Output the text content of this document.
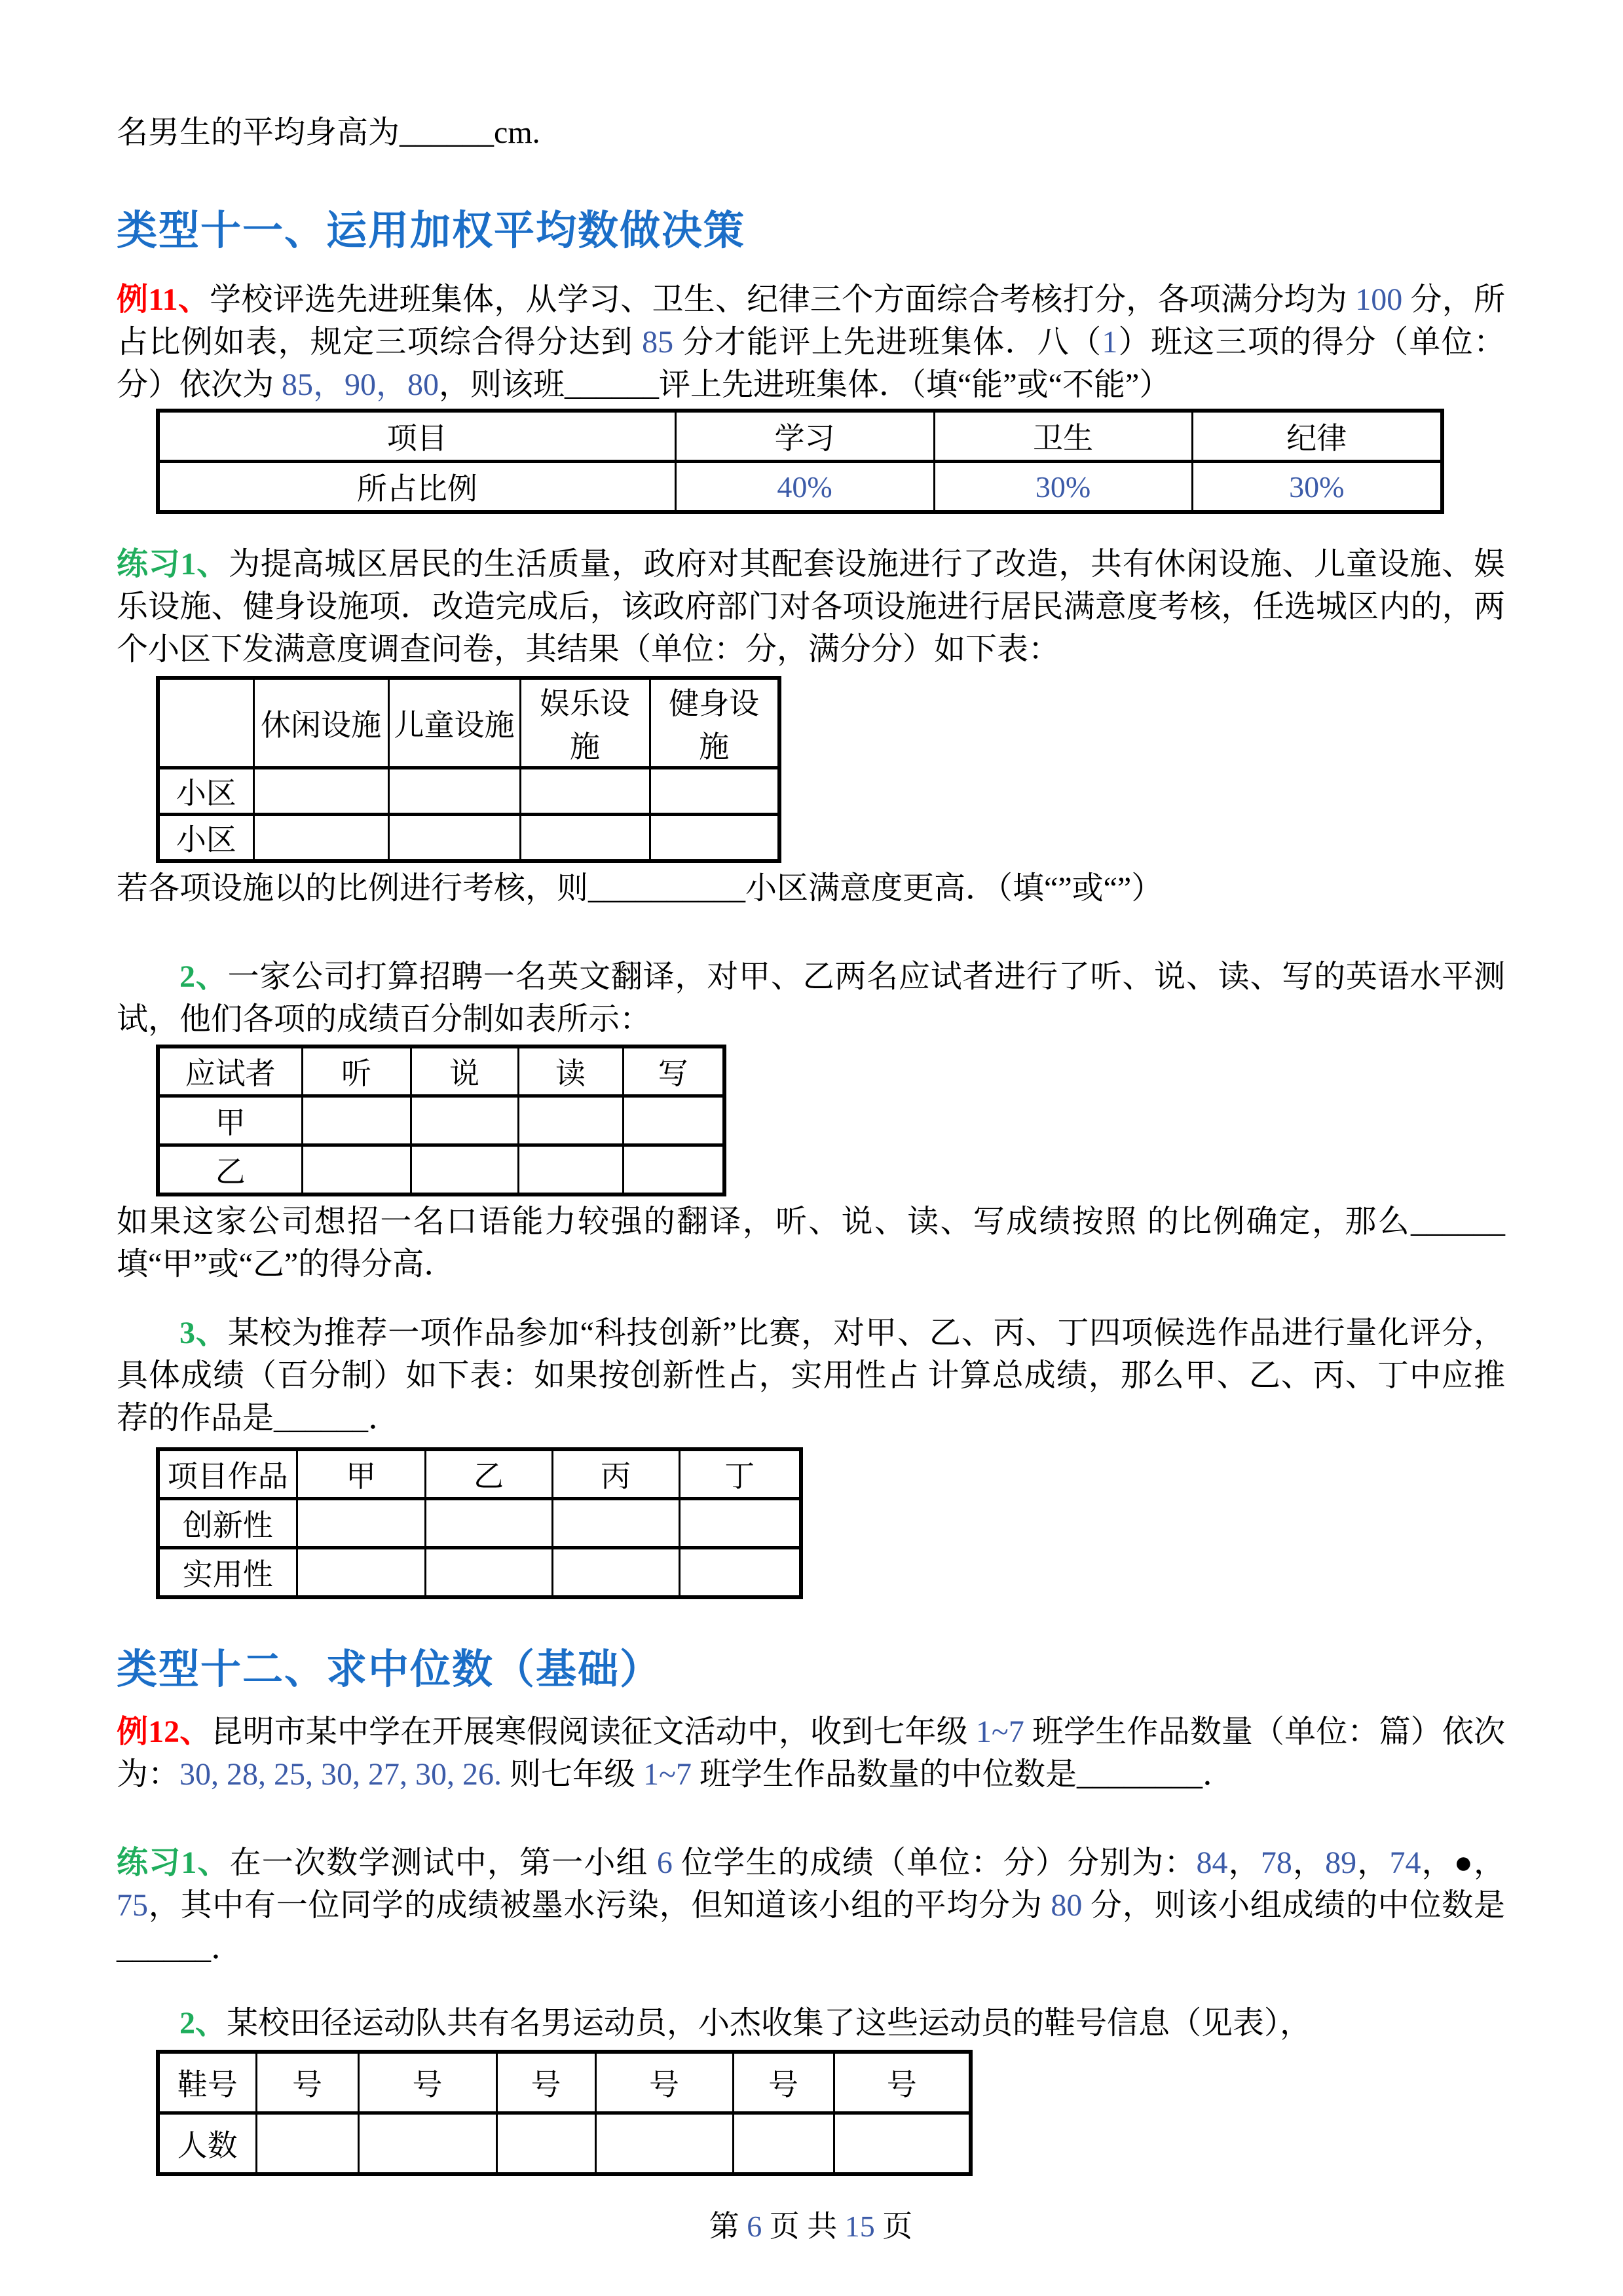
名男生的平均身高为______cm.

类型十一、运用加权平均数做决策

例11、学校评选先进班集体，从学习、卫生、纪律三个方面综合考核打分，各项满分均为 100 分，所占比例如表，规定三项综合得分达到 85 分才能评上先进班集体．八（1）班这三项的得分（单位：分）依次为 85，90，80，则该班______评上先进班集体．（填“能”或“不能”）

项目	学习	卫生	纪律
所占比例	40%	30%	30%

练习1、为提高城区居民的生活质量，政府对其配套设施进行了改造，共有休闲设施、儿童设施、娱乐设施、健身设施项．改造完成后，该政府部门对各项设施进行居民满意度考核，任选城区内的，两个小区下发满意度调查问卷，其结果（单位：分，满分分）如下表：

	休闲设施	儿童设施	娱乐设施	健身设施
小区				
小区				

若各项设施以的比例进行考核，则__________小区满意度更高．（填“”或“”）

2、一家公司打算招聘一名英文翻译，对甲、乙两名应试者进行了听、说、读、写的英语水平测试，他们各项的成绩百分制如表所示：

应试者	听	说	读	写
甲				
乙				

如果这家公司想招一名口语能力较强的翻译，听、说、读、写成绩按照 的比例确定，那么______ 填“甲”或“乙”的得分高．

3、某校为推荐一项作品参加“科技创新”比赛，对甲、乙、丙、丁四项候选作品进行量化评分，具体成绩（百分制）如下表：如果按创新性占，实用性占 计算总成绩，那么甲、乙、丙、丁中应推荐的作品是______．

项目作品	甲	乙	丙	丁
创新性				
实用性				

类型十二、求中位数（基础）

例12、昆明市某中学在开展寒假阅读征文活动中，收到七年级 1~7 班学生作品数量（单位：篇）依次为：30, 28, 25, 30, 27, 30, 26. 则七年级 1~7 班学生作品数量的中位数是________．

练习1、在一次数学测试中，第一小组 6 位学生的成绩（单位：分）分别为：84，78，89，74，●，75，其中有一位同学的成绩被墨水污染，但知道该小组的平均分为 80 分，则该小组成绩的中位数是______．

2、某校田径运动队共有名男运动员，小杰收集了这些运动员的鞋号信息（见表），

鞋号	号	号	号	号	号	号
人数						

第 6 页 共 15 页
